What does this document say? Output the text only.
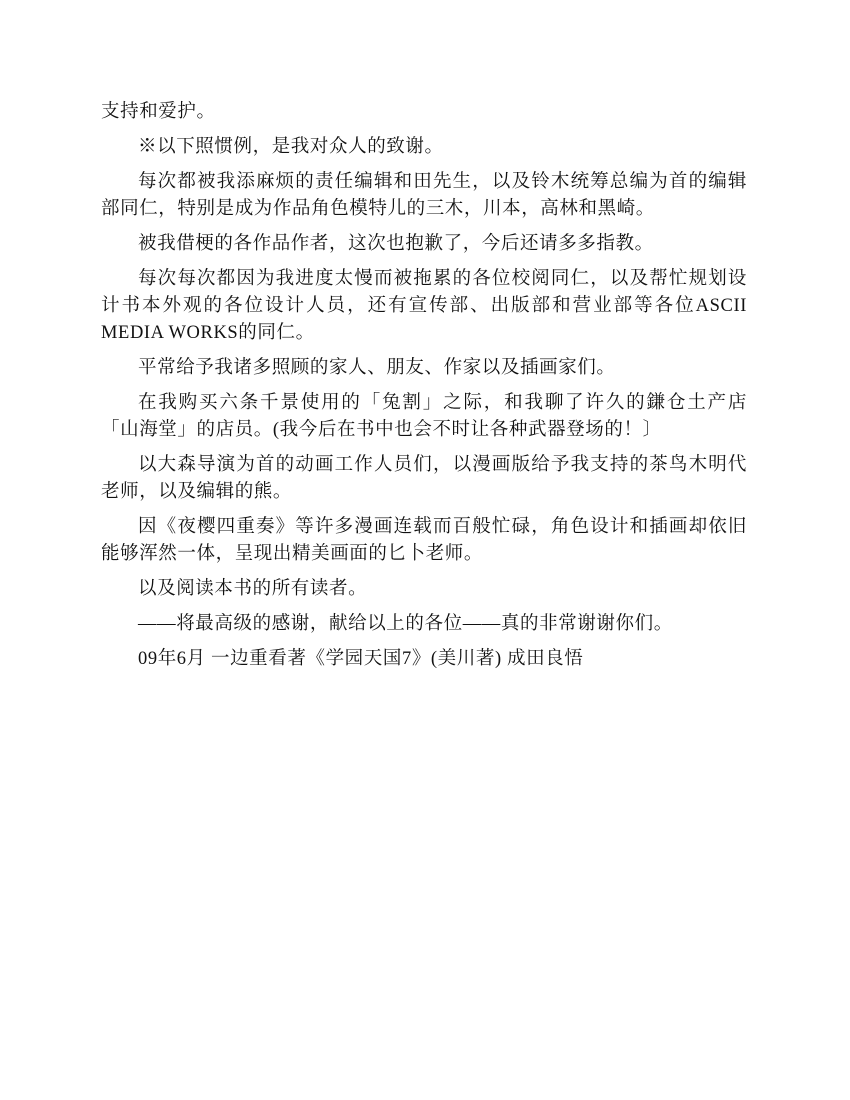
支持和爱护。

※以下照惯例，是我对众人的致谢。

每次都被我添麻烦的责任编辑和田先生，以及铃木统筹总编为首的编辑部同仁，特别是成为作品角色模特儿的三木，川本，高林和黑崎。

被我借梗的各作品作者，这次也抱歉了，今后还请多多指教。

每次每次都因为我进度太慢而被拖累的各位校阅同仁，以及帮忙规划设计书本外观的各位设计人员，还有宣传部、出版部和营业部等各位ASCII MEDIA WORKS的同仁。

平常给予我诸多照顾的家人、朋友、作家以及插画家们。

在我购买六条千景使用的「兔割」之际，和我聊了许久的鎌仓土产店「山海堂」的店员。(我今后在书中也会不时让各种武器登场的！〕

以大森导演为首的动画工作人员们，以漫画版给予我支持的茶鸟木明代老师，以及编辑的熊。

因《夜樱四重奏》等许多漫画连载而百般忙碌，角色设计和插画却依旧能够浑然一体，呈现出精美画面的匕卜老师。

以及阅读本书的所有读者。

——将最高级的感谢，献给以上的各位——真的非常谢谢你们。

09年6月 一边重看著《学园天国7》(美川著) 成田良悟
